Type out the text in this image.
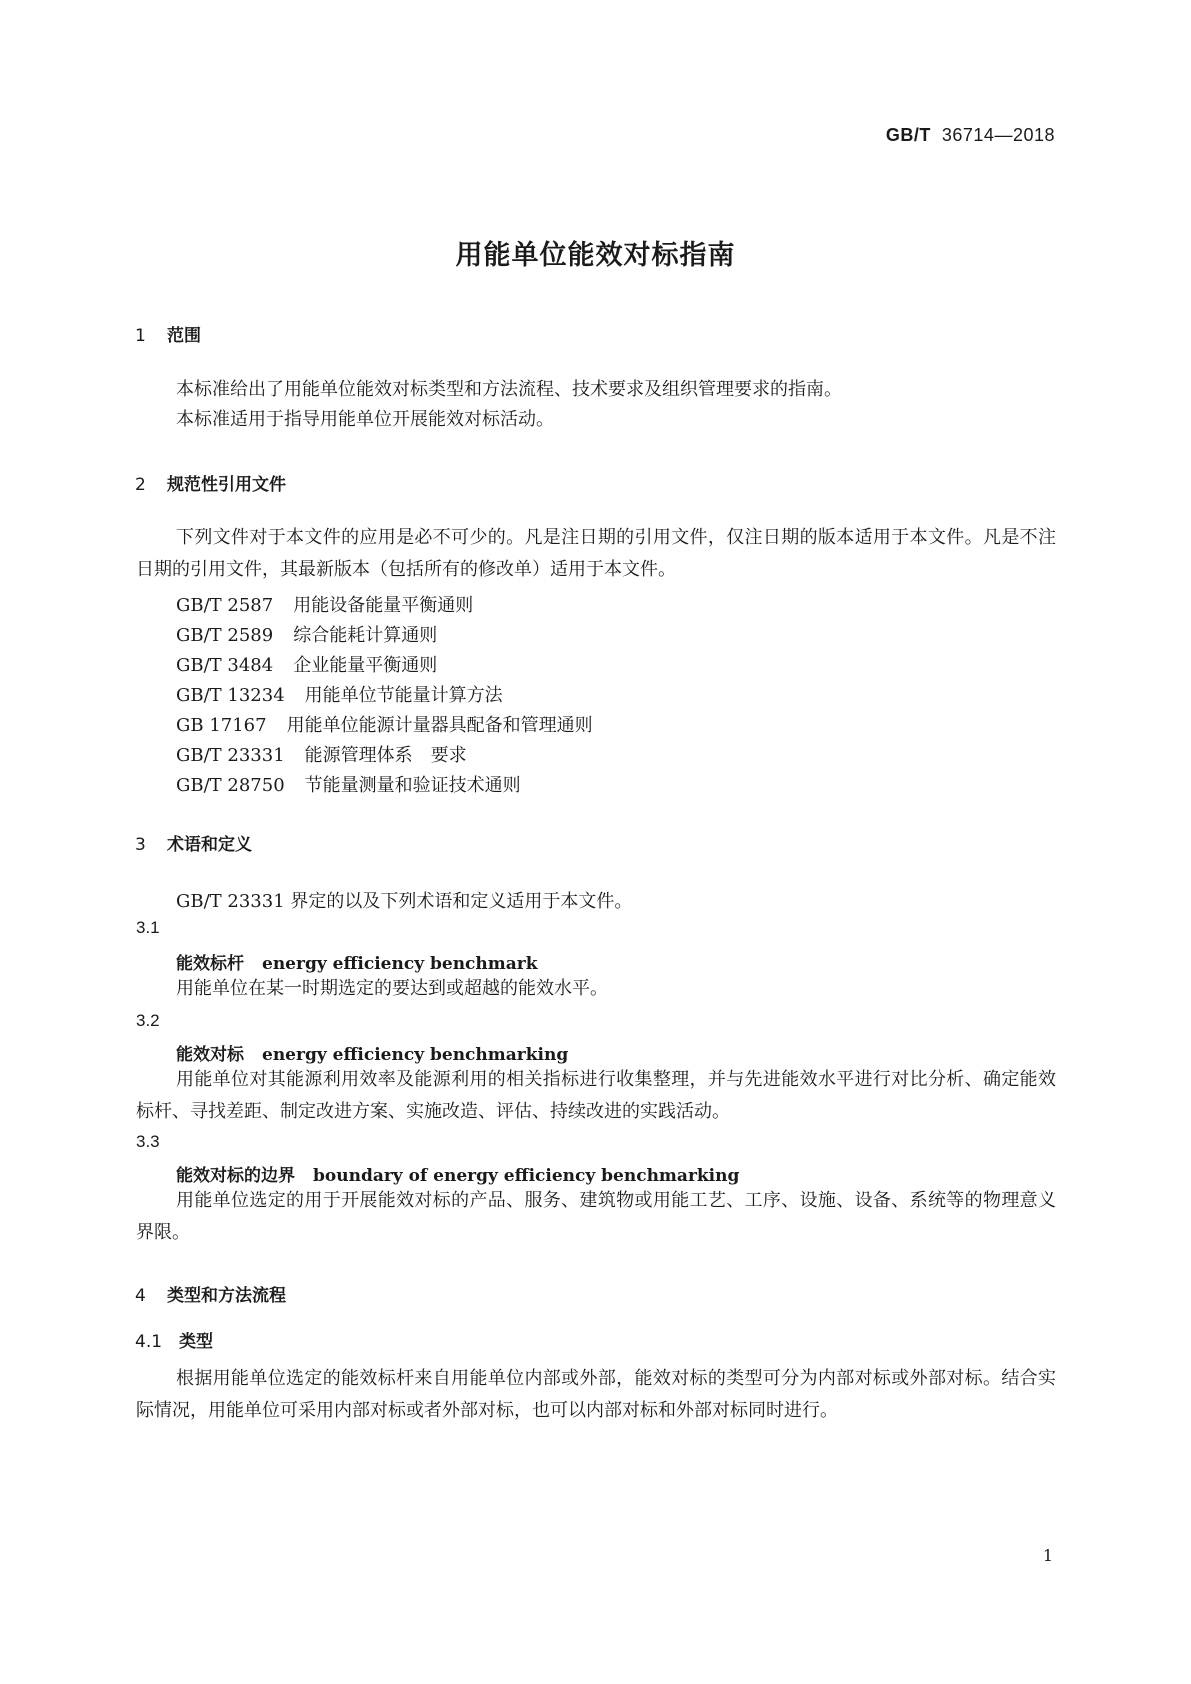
GB/T 36714—2018
用能单位能效对标指南
1 范围
本标准给出了用能单位能效对标类型和方法流程、技术要求及组织管理要求的指南。
本标准适用于指导用能单位开展能效对标活动。
2 规范性引用文件
下列文件对于本文件的应用是必不可少的。凡是注日期的引用文件，仅注日期的版本适用于本文件。凡是不注日期的引用文件，其最新版本（包括所有的修改单）适用于本文件。
GB/T 2587 用能设备能量平衡通则
GB/T 2589 综合能耗计算通则
GB/T 3484 企业能量平衡通则
GB/T 13234 用能单位节能量计算方法
GB 17167 用能单位能源计量器具配备和管理通则
GB/T 23331 能源管理体系　要求
GB/T 28750 节能量测量和验证技术通则
3 术语和定义
GB/T 23331 界定的以及下列术语和定义适用于本文件。
3.1
能效标杆 energy efficiency benchmark
用能单位在某一时期选定的要达到或超越的能效水平。
3.2
能效对标 energy efficiency benchmarking
用能单位对其能源利用效率及能源利用的相关指标进行收集整理，并与先进能效水平进行对比分析、确定能效标杆、寻找差距、制定改进方案、实施改造、评估、持续改进的实践活动。
3.3
能效对标的边界 boundary of energy efficiency benchmarking
用能单位选定的用于开展能效对标的产品、服务、建筑物或用能工艺、工序、设施、设备、系统等的物理意义界限。
4 类型和方法流程
4.1 类型
根据用能单位选定的能效标杆来自用能单位内部或外部，能效对标的类型可分为内部对标或外部对标。结合实际情况，用能单位可采用内部对标或者外部对标，也可以内部对标和外部对标同时进行。
1
